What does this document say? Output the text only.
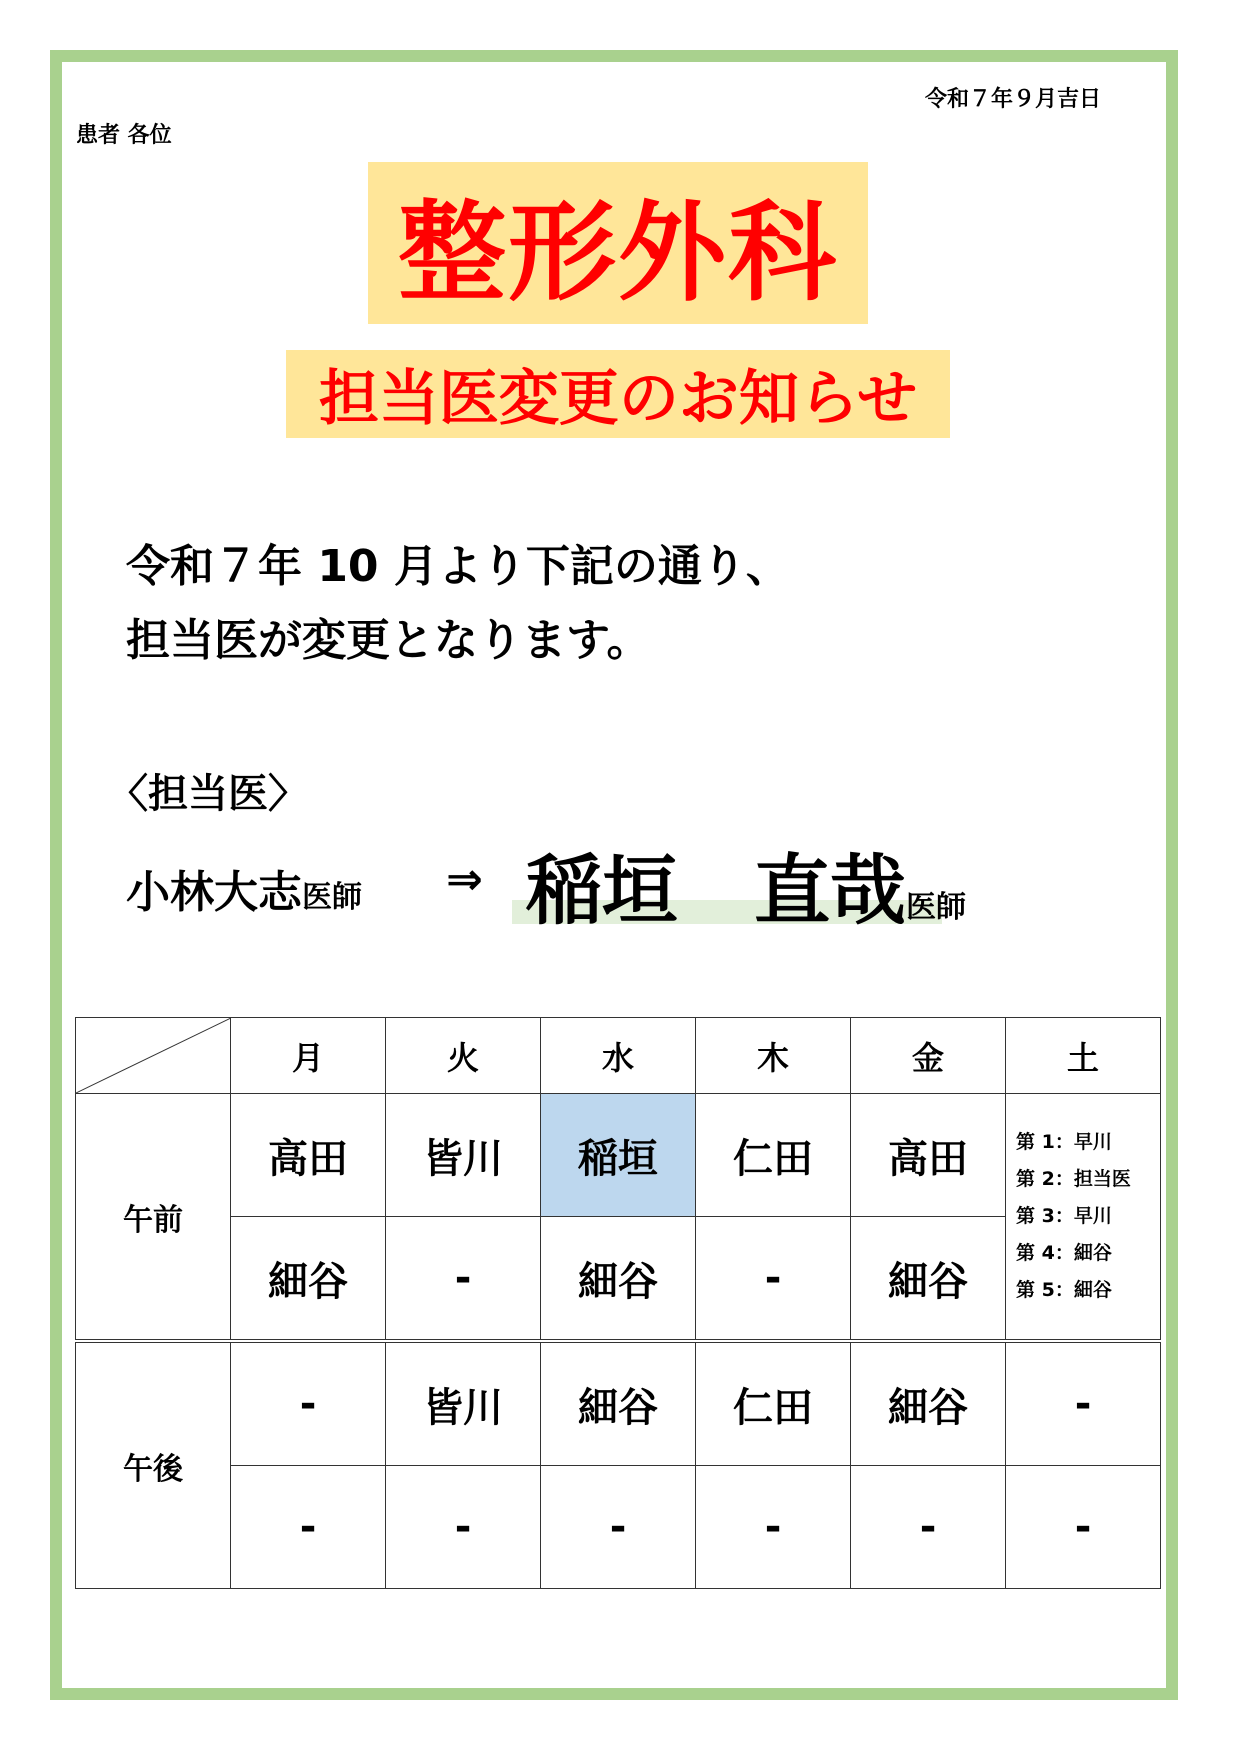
令和７年９月吉日
患者 各位
整形外科
担当医変更のお知らせ
令和７年 10 月より下記の通り、
担当医が変更となります。
〈担当医〉
小林大志医師 ⇒ 稲垣　直哉医師
	月	火	水	木	金	土
午前	高田	皆川	稲垣	仁田	高田	第 1：早川
第 2：担当医
第 3：早川
第 4：細谷
第 5：細谷

	細谷	-	細谷	-	細谷	
午後	-	皆川	細谷	仁田	細谷	-
	-	-	-	-	-	-
